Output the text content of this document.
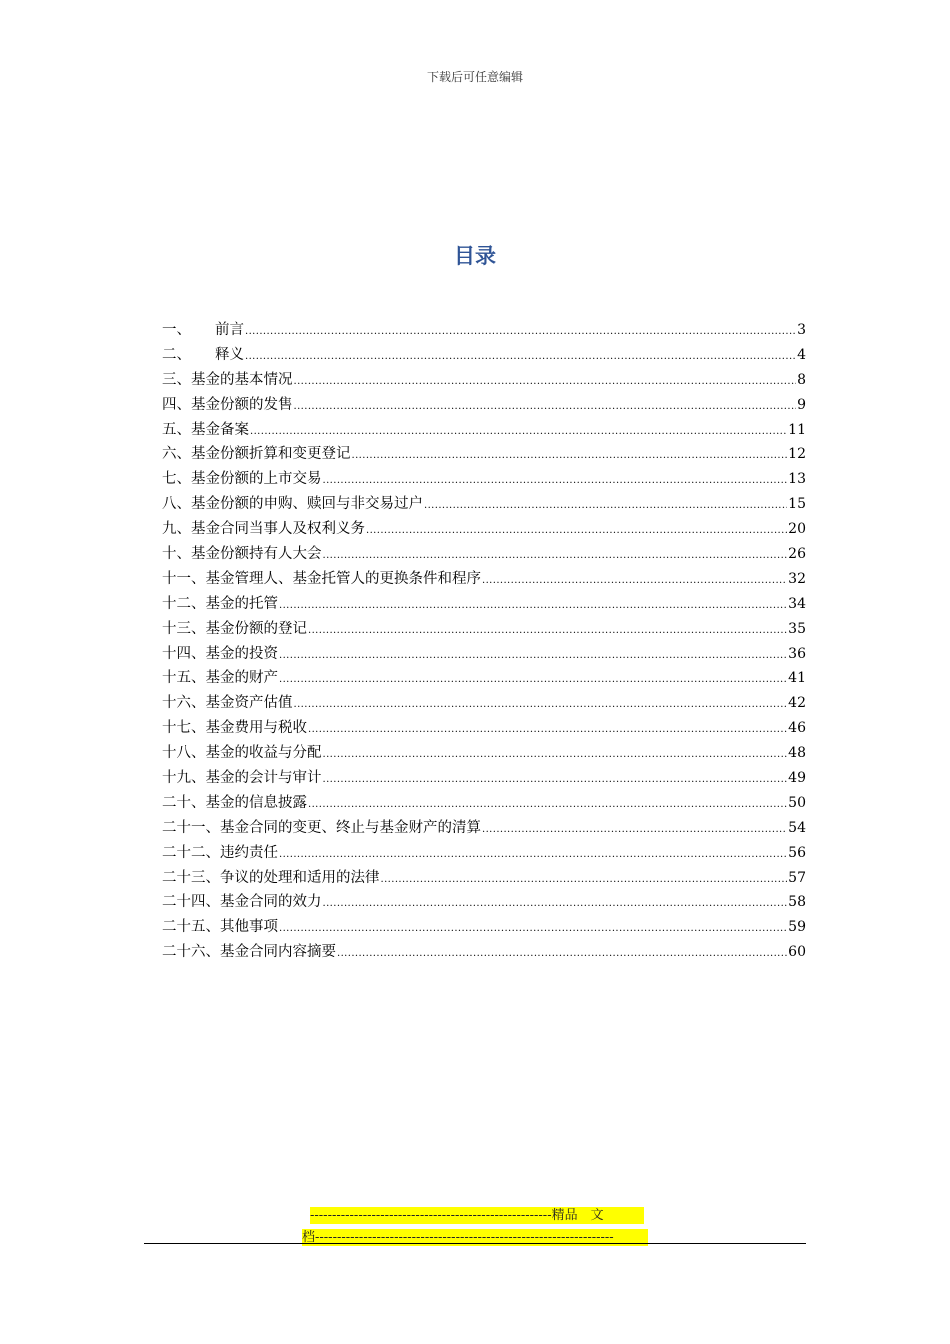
下载后可任意编辑
目录
一、 前言 .....	3
二、 释义 .....	4
三、基金的基本情况 .....	8
四、基金份额的发售 .....	9
五、基金备案 .....	11
六、基金份额折算和变更登记 .....	12
七、基金份额的上市交易 .....	13
八、基金份额的申购、赎回与非交易过户 .....	15
九、基金合同当事人及权利义务 .....	20
十、基金份额持有人大会 .....	26
十一、基金管理人、基金托管人的更换条件和程序 .....	32
十二、基金的托管 .....	34
十三、基金份额的登记 .....	35
十四、基金的投资 .....	36
十五、基金的财产 .....	41
十六、基金资产估值 .....	42
十七、基金费用与税收 .....	46
十八、基金的收益与分配 .....	48
十九、基金的会计与审计 .....	49
二十、基金的信息披露 .....	50
二十一、基金合同的变更、终止与基金财产的清算 .....	54
二十二、违约责任 .....	56
二十三、争议的处理和适用的法律 .....	57
二十四、基金合同的效力 .....	58
二十五、其他事项 .....	59
二十六、基金合同内容摘要 .....	60
-------------------------------------------------------精品　文
档--------------------------------------------------------------------
